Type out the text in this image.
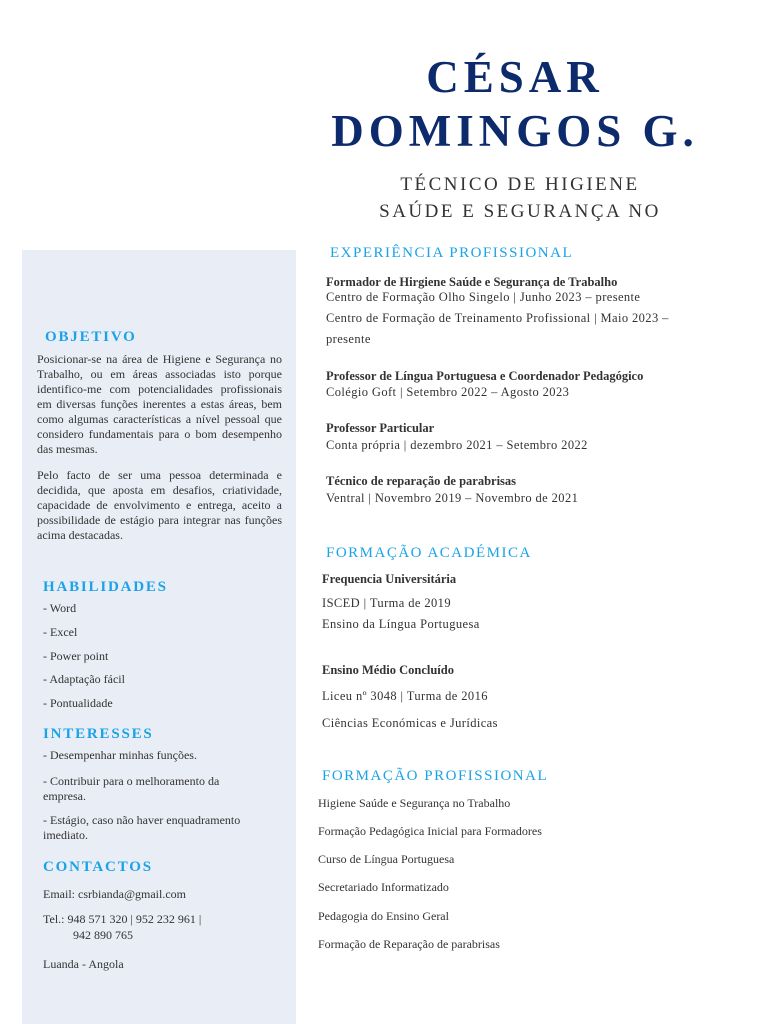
CÉSAR
DOMINGOS G.
TÉCNICO DE HIGIENE
SAÚDE E SEGURANÇA NO
OBJETIVO
Posicionar-se na área de Higiene e Segurança no Trabalho, ou em áreas associadas isto porque identifico-me com potencialidades profissionais em diversas funções inerentes a estas áreas, bem como algumas características a nível pessoal que considero fundamentais para o bom desempenho das mesmas.
Pelo facto de ser uma pessoa determinada e decidida, que aposta em desafios, criatividade, capacidade de envolvimento e entrega, aceito a possibilidade de estágio para integrar nas funções acima destacadas.
HABILIDADES
- Word
- Excel
- Power point
- Adaptação fácil
- Pontualidade
INTERESSES
- Desempenhar minhas funções.
- Contribuir para o melhoramento da
empresa.
- Estágio, caso não haver enquadramento
imediato.
CONTACTOS
Email: csrbianda@gmail.com
Tel.: 948 571 320 | 952 232 961 |
942 890 765
Luanda - Angola
EXPERIÊNCIA PROFISSIONAL
Formador de Hirgiene Saúde e Segurança de Trabalho
Centro de Formação Olho Singelo | Junho 2023 – presente
Centro de Formação de Treinamento Profissional | Maio 2023 –
presente
Professor de Língua Portuguesa e Coordenador Pedagógico
Colégio Goft | Setembro 2022 – Agosto 2023
Professor Particular
Conta própria | dezembro 2021 – Setembro 2022
Técnico de reparação de parabrisas
Ventral | Novembro 2019 – Novembro de 2021
FORMAÇÃO ACADÉMICA
Frequencia Universitária
ISCED | Turma de 2019
Ensino da Língua Portuguesa
Ensino Médio Concluído
Liceu nº 3048 | Turma de 2016
Ciências Económicas e Jurídicas
FORMAÇÃO PROFISSIONAL
Higiene Saúde e Segurança no Trabalho
Formação Pedagógica Inicial para Formadores
Curso de Língua Portuguesa
Secretariado Informatizado
Pedagogia do Ensino Geral
Formação de Reparação de parabrisas
